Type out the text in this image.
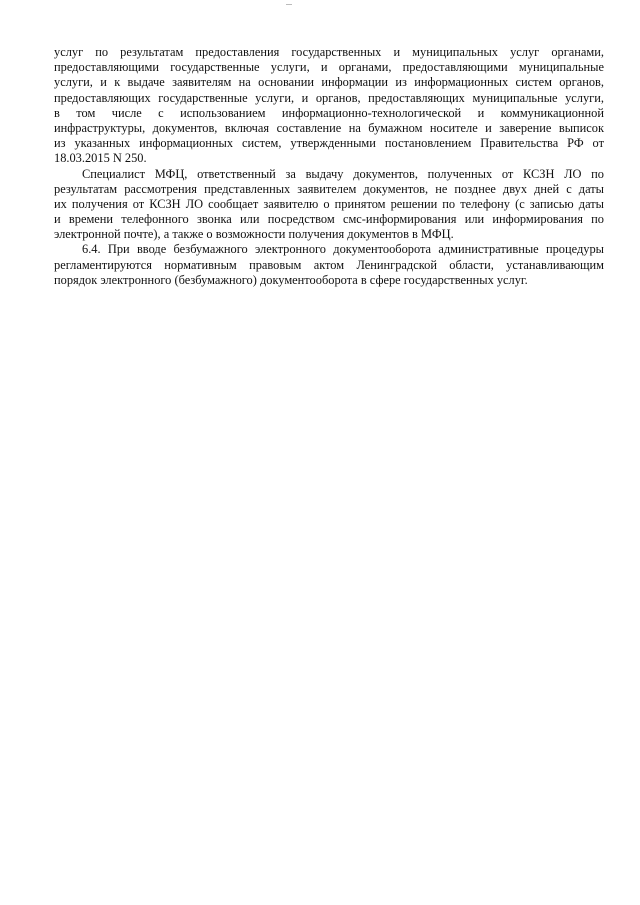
услуг по результатам предоставления государственных и муниципальных услуг органами,
предоставляющими государственные услуги, и органами, предоставляющими муниципальные
услуги, и к выдаче заявителям на основании информации из информационных систем органов,
предоставляющих государственные услуги, и органов, предоставляющих муниципальные услуги,
в том числе с использованием информационно-технологической и коммуникационной
инфраструктуры, документов, включая составление на бумажном носителе и заверение выписок
из указанных информационных систем, утвержденными постановлением Правительства РФ от
18.03.2015 N 250.
Специалист МФЦ, ответственный за выдачу документов, полученных от КСЗН ЛО по
результатам рассмотрения представленных заявителем документов, не позднее двух дней с даты
их получения от КСЗН ЛО сообщает заявителю о принятом решении по телефону (с записью даты
и времени телефонного звонка или посредством смс-информирования или информирования по
электронной почте), а также о возможности получения документов в МФЦ.
6.4. При вводе безбумажного электронного документооборота административные процедуры
регламентируются нормативным правовым актом Ленинградской области, устанавливающим
порядок электронного (безбумажного) документооборота в сфере государственных услуг.
